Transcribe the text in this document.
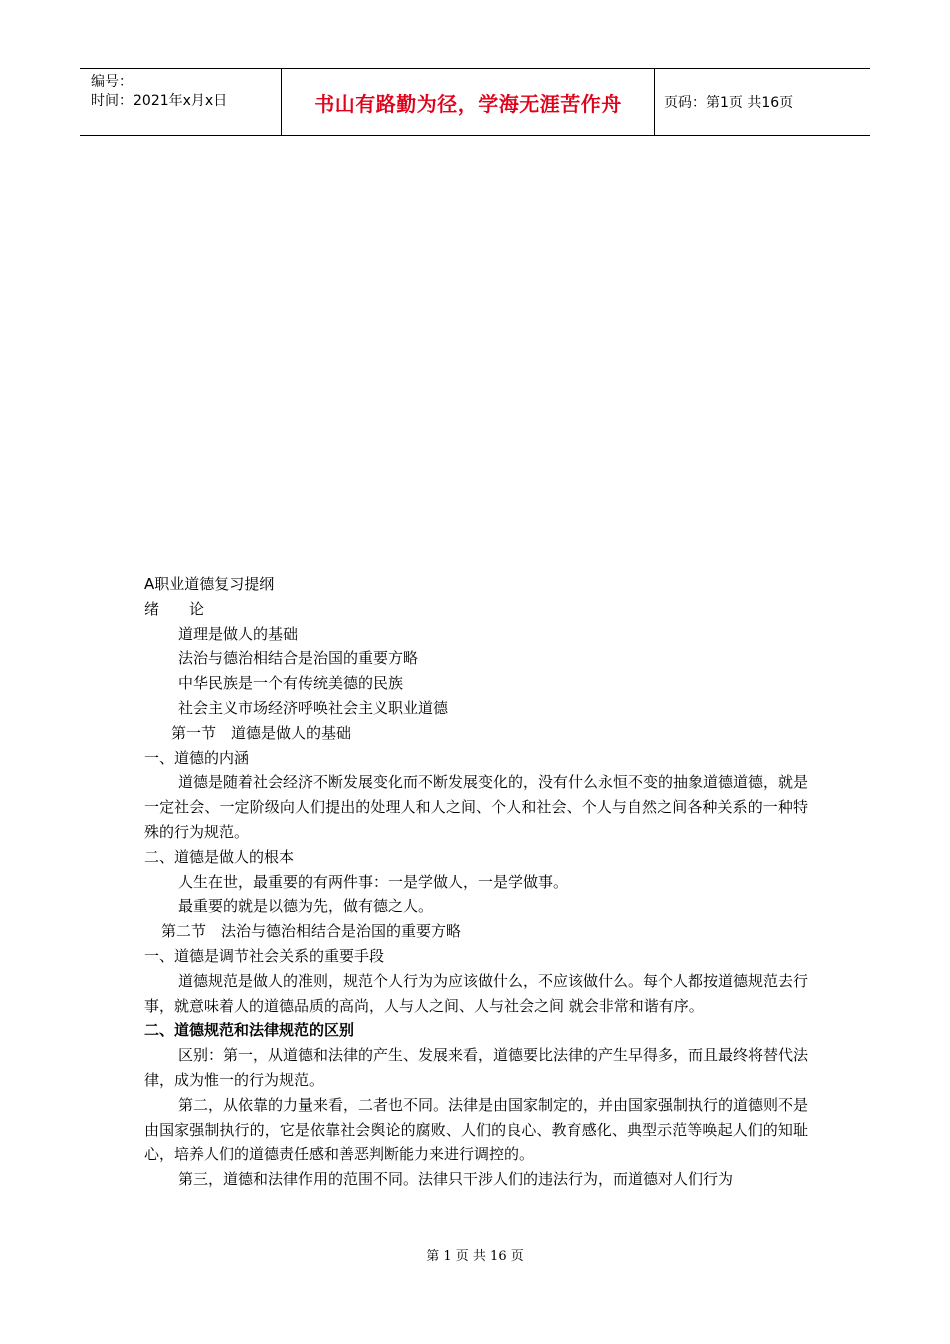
编号：
时间：2021年x月x日	书山有路勤为径，学海无涯苦作舟	页码：第1页 共16页

A职业道德复习提纲

绪　　论

道理是做人的基础

法治与德治相结合是治国的重要方略

中华民族是一个有传统美德的民族

社会主义市场经济呼唤社会主义职业道德

第一节　道德是做人的基础

一、道德的内涵

道德是随着社会经济不断发展变化而不断发展变化的，没有什么永恒不变的抽象道德道德，就是一定社会、一定阶级向人们提出的处理人和人之间、个人和社会、个人与自然之间各种关系的一种特殊的行为规范。

二、道德是做人的根本

人生在世，最重要的有两件事：一是学做人，一是学做事。

最重要的就是以德为先，做有德之人。

第二节　法治与德治相结合是治国的重要方略

一、道德是调节社会关系的重要手段

道德规范是做人的准则，规范个人行为为应该做什么，不应该做什么。每个人都按道德规范去行事，就意味着人的道德品质的高尚，人与人之间、人与社会之间 就会非常和谐有序。

二、道德规范和法律规范的区别

区别：第一，从道德和法律的产生、发展来看，道德要比法律的产生早得多，而且最终将替代法律，成为惟一的行为规范。

第二，从依靠的力量来看，二者也不同。法律是由国家制定的，并由国家强制执行的道德则不是由国家强制执行的，它是依靠社会舆论的腐败、人们的良心、教育感化、典型示范等唤起人们的知耻心，培养人们的道德责任感和善恶判断能力来进行调控的。

第三，道德和法律作用的范围不同。法律只干涉人们的违法行为，而道德对人们行为

第 1 页 共 16 页
